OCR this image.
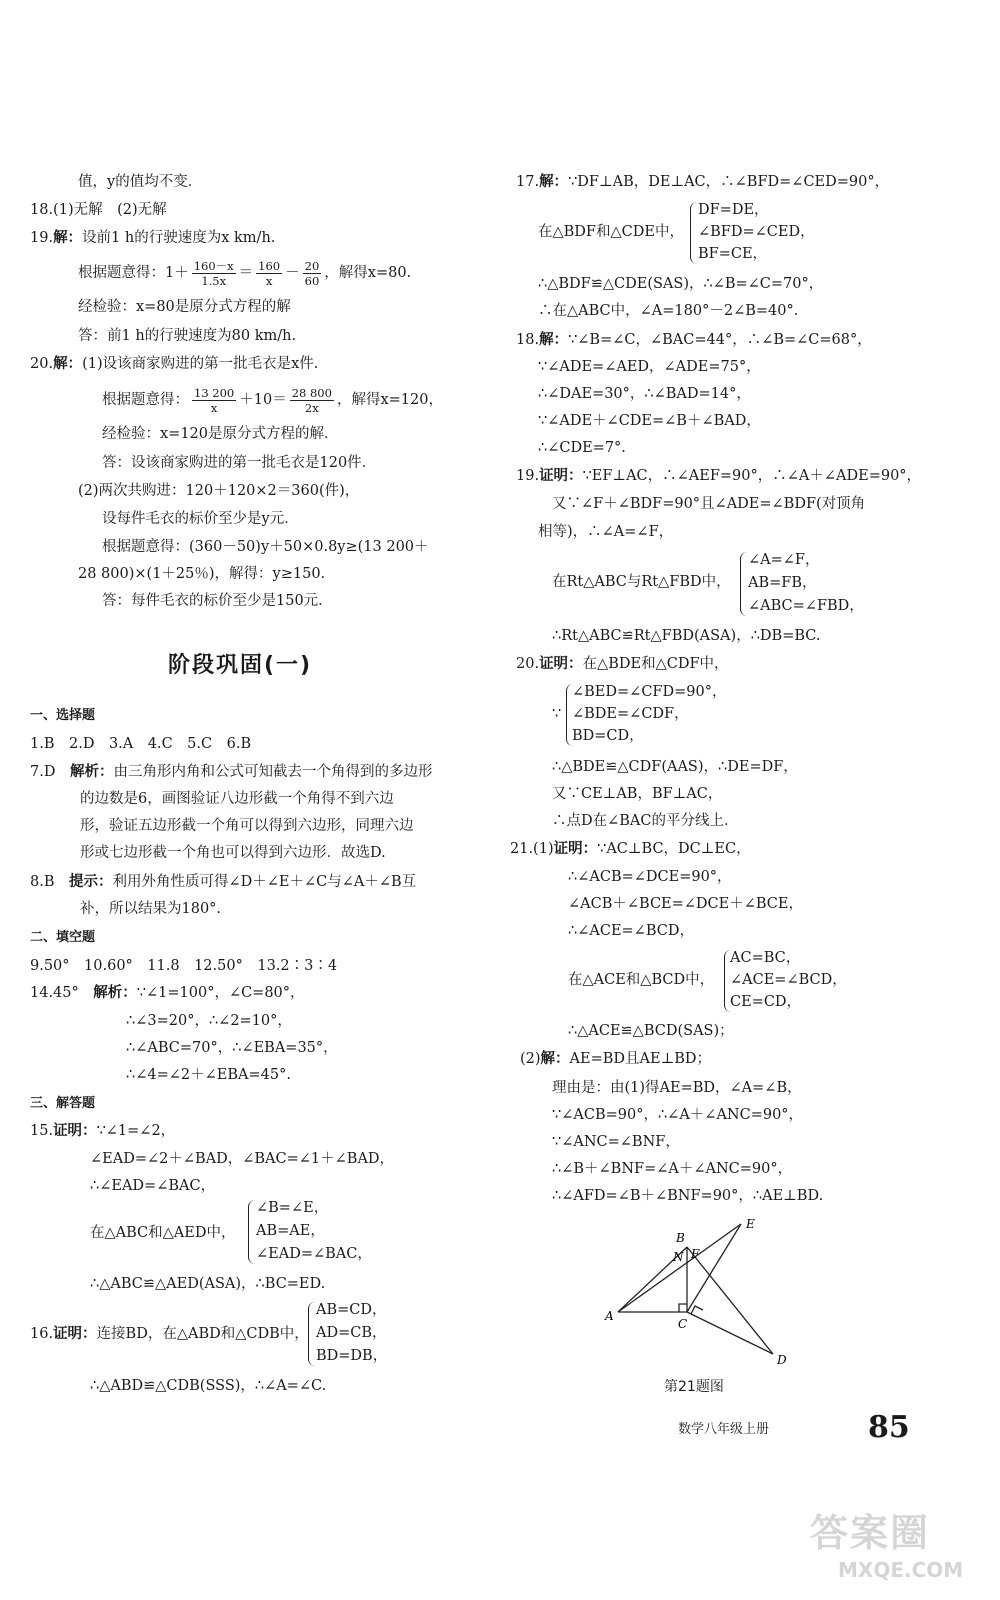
值，y的值均不变．
18.(1)无解　(2)无解
19.解：设前1 h的行驶速度为x km/h.
根据题意得：$1+ \frac{160-x}{1.5x} = \frac{160}{x} - \frac{20}{60}$ ，解得x=80.
经检验：x=80是原分式方程的解
答：前1 h的行驶速度为80 km/h.
20.解：(1)设该商家购进的第一批毛衣是x件.
根据题意得： $\frac{13 200}{x} +10= \frac{28 800}{2x}$ ，解得x=120，
经检验：x=120是原分式方程的解．
答：设该商家购进的第一批毛衣是120件．
(2)两次共购进：120＋120×2＝360(件)，
设每件毛衣的标价至少是y元．
根据题意得：(360－50)y＋50×0.8y≥(13 200＋
28 800)×(1＋25％)，解得：y≥150.
答：每件毛衣的标价至少是150元．
阶段巩固(一)
一、选择题
1.B　2.D　3.A　4.C　5.C　6.B
7.D　 解析：由三角形内角和公式可知截去一个角得到的多边形
的边数是6，画图验证八边形截一个角得不到六边
形，验证五边形截一个角可以得到六边形，同理六边
形或七边形截一个角也可以得到六边形．故选D.
8.B　 提示：利用外角性质可得∠D＋∠E＋∠C与∠A＋∠B互
补，所以结果为180°.
二、填空题
9.50°　10.60°　11.8　12.50°　13.2∶3∶4
14.45°　 解析：∵∠1=100°，∠C=80°，
∴∠3=20°，∴∠2=10°，
∴∠ABC=70°，∴∠EBA=35°，
∴∠4=∠2＋∠EBA=45°.
三、解答题
15.证明：∵∠1=∠2，
∠EAD=∠2＋∠BAD，∠BAC=∠1＋∠BAD，
∴∠EAD=∠BAC，
在△ABC和△AED中，
∠B=∠E，
AB=AE，
∠EAD=∠BAC，
∴△ABC≌△AED(ASA)，∴BC=ED.
16.证明：连接BD，在△ABD和△CDB中，
AB=CD，
AD=CB，
BD=DB，
∴△ABD≌△CDB(SSS)，∴∠A=∠C.
17.解：∵DF⊥AB，DE⊥AC，∴∠BFD=∠CED=90°，
在△BDF和△CDE中，
DF=DE，
∠BFD=∠CED，
BF=CE，
∴△BDF≌△CDE(SAS)，∴∠B=∠C=70°，
∴在△ABC中，∠A=180°－2∠B=40°.
18.解：∵∠B=∠C，∠BAC=44°，∴∠B=∠C=68°，
∵∠ADE=∠AED，∠ADE=75°，
∴∠DAE=30°，∴∠BAD=14°，
∵∠ADE＋∠CDE=∠B＋∠BAD，
∴∠CDE=7°.
19.证明：∵EF⊥AC，∴∠AEF=90°，∴∠A＋∠ADE=90°，
又∵∠F＋∠BDF=90°且∠ADE=∠BDF(对顶角
相等)，∴∠A=∠F，
在Rt△ABC与Rt△FBD中，
∠A=∠F，
AB=FB，
∠ABC=∠FBD，
∴Rt△ABC≌Rt△FBD(ASA)，∴DB=BC.
20.证明：在△BDE和△CDF中，
∵
∠BED=∠CFD=90°，
∠BDE=∠CDF，
BD=CD，
∴△BDE≌△CDF(AAS)，∴DE=DF，
又∵CE⊥AB，BF⊥AC，
∴点D在∠BAC的平分线上．
21.(1)证明：∵AC⊥BC，DC⊥EC，
∴∠ACB=∠DCE=90°，
∠ACB＋∠BCE=∠DCE＋∠BCE，
∴∠ACE=∠BCD，
在△ACE和△BCD中，
AC=BC，
∠ACE=∠BCD，
CE=CD，
∴△ACE≌△BCD(SAS)；
(2)解：AE=BD且AE⊥BD；
理由是：由(1)得AE=BD，∠A=∠B，
∵∠ACB=90°，∴∠A＋∠ANC=90°，
∵∠ANC=∠BNF，
∴∠B＋∠BNF=∠A＋∠ANC=90°，
∴∠AFD=∠B＋∠BNF=90°，∴AE⊥BD.
B
E
N F
A
C
D
第21题图
数学八年级上册	85
答案圈
MXQE.COM
